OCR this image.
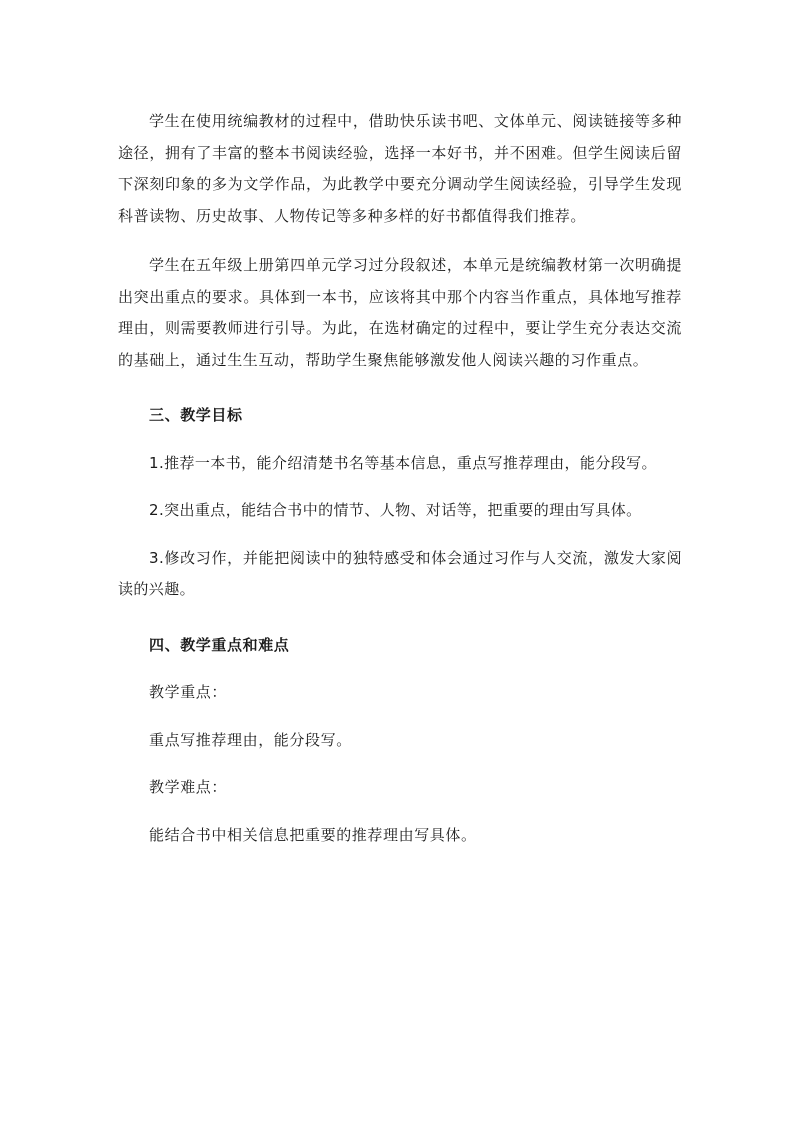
学生在使用统编教材的过程中，借助快乐读书吧、文体单元、阅读链接等多种途径，拥有了丰富的整本书阅读经验，选择一本好书，并不困难。但学生阅读后留下深刻印象的多为文学作品，为此教学中要充分调动学生阅读经验，引导学生发现科普读物、历史故事、人物传记等多种多样的好书都值得我们推荐。

学生在五年级上册第四单元学习过分段叙述，本单元是统编教材第一次明确提出突出重点的要求。具体到一本书，应该将其中那个内容当作重点，具体地写推荐理由，则需要教师进行引导。为此，在选材确定的过程中，要让学生充分表达交流的基础上，通过生生互动，帮助学生聚焦能够激发他人阅读兴趣的习作重点。

三、教学目标

1.推荐一本书，能介绍清楚书名等基本信息，重点写推荐理由，能分段写。

2.突出重点，能结合书中的情节、人物、对话等，把重要的理由写具体。

3.修改习作，并能把阅读中的独特感受和体会通过习作与人交流，激发大家阅读的兴趣。

四、教学重点和难点

教学重点：

重点写推荐理由，能分段写。

教学难点：

能结合书中相关信息把重要的推荐理由写具体。
